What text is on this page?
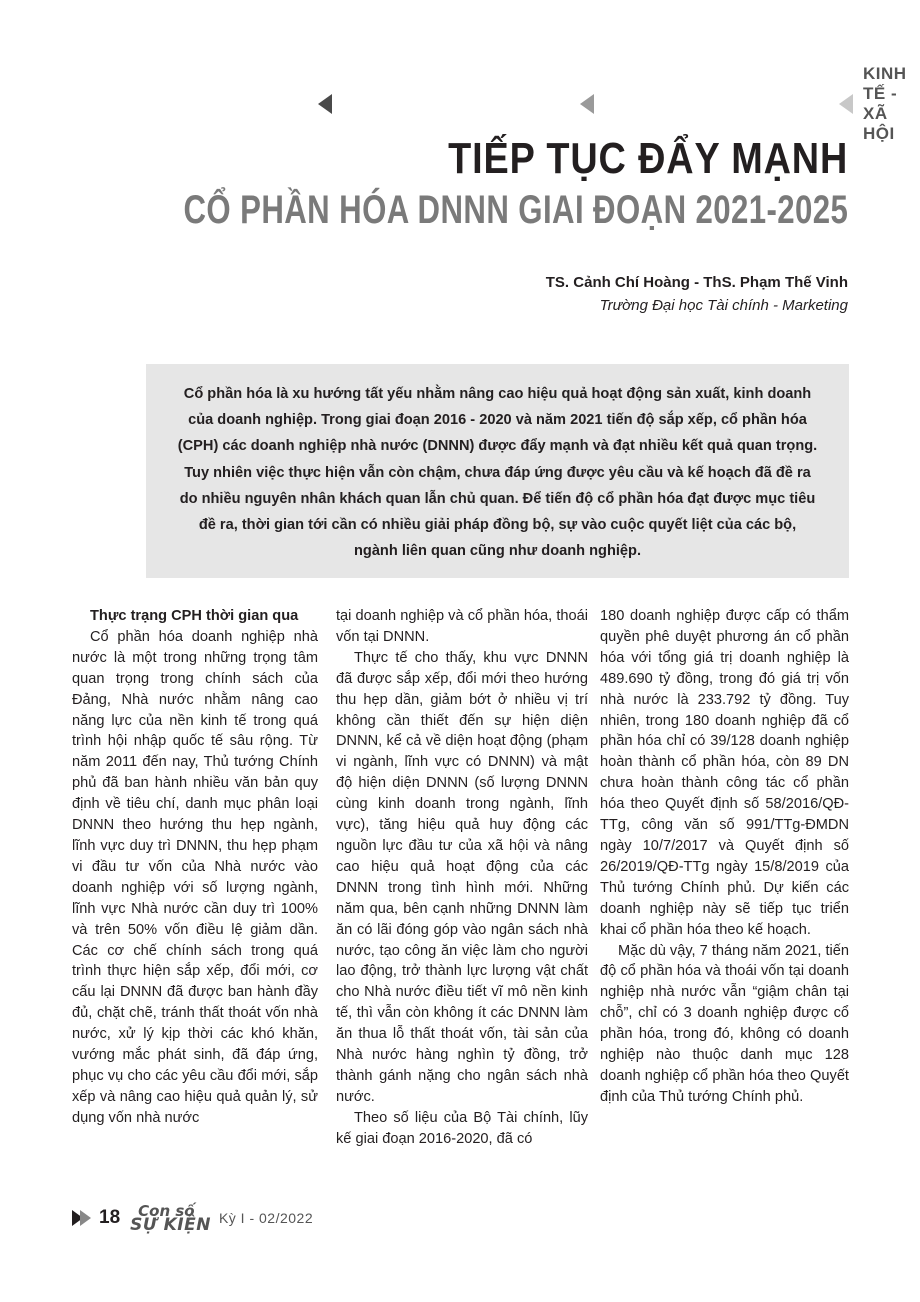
KINH TẾ - XÃ HỘI
TIẾP TỤC ĐẨY MẠNH
CỔ PHẦN HÓA DNNN GIAI ĐOẠN 2021-2025
TS. Cảnh Chí Hoàng - ThS. Phạm Thế Vinh
Trường Đại học Tài chính - Marketing

Cổ phần hóa là xu hướng tất yếu nhằm nâng cao hiệu quả hoạt động sản xuất, kinh doanh của doanh nghiệp. Trong giai đoạn 2016 - 2020 và năm 2021 tiến độ sắp xếp, cổ phần hóa (CPH) các doanh nghiệp nhà nước (DNNN) được đẩy mạnh và đạt nhiều kết quả quan trọng. Tuy nhiên việc thực hiện vẫn còn chậm, chưa đáp ứng được yêu cầu và kế hoạch đã đề ra do nhiều nguyên nhân khách quan lẫn chủ quan. Để tiến độ cổ phần hóa đạt được mục tiêu đề ra, thời gian tới cần có nhiều giải pháp đồng bộ, sự vào cuộc quyết liệt của các bộ, ngành liên quan cũng như doanh nghiệp.

Thực trạng CPH thời gian qua

Cổ phần hóa doanh nghiệp nhà nước là một trong những trọng tâm quan trọng trong chính sách của Đảng, Nhà nước nhằm nâng cao năng lực của nền kinh tế trong quá trình hội nhập quốc tế sâu rộng. Từ năm 2011 đến nay, Thủ tướng Chính phủ đã ban hành nhiều văn bản quy định về tiêu chí, danh mục phân loại DNNN theo hướng thu hẹp ngành, lĩnh vực duy trì DNNN, thu hẹp phạm vi đầu tư vốn của Nhà nước vào doanh nghiệp với số lượng ngành, lĩnh vực Nhà nước cần duy trì 100% và trên 50% vốn điều lệ giảm dần. Các cơ chế chính sách trong quá trình thực hiện sắp xếp, đổi mới, cơ cấu lại DNNN đã được ban hành đầy đủ, chặt chẽ, tránh thất thoát vốn nhà nước, xử lý kịp thời các khó khăn, vướng mắc phát sinh, đã đáp ứng, phục vụ cho các yêu cầu đổi mới, sắp xếp và nâng cao hiệu quả quản lý, sử dụng vốn nhà nước

tại doanh nghiệp và cổ phần hóa, thoái vốn tại DNNN.

Thực tế cho thấy, khu vực DNNN đã được sắp xếp, đổi mới theo hướng thu hẹp dần, giảm bớt ở nhiều vị trí không cần thiết đến sự hiện diện DNNN, kể cả về diện hoạt động (phạm vi ngành, lĩnh vực có DNNN) và mật độ hiện diện DNNN (số lượng DNNN cùng kinh doanh trong ngành, lĩnh vực), tăng hiệu quả huy động các nguồn lực đầu tư của xã hội và nâng cao hiệu quả hoạt động của các DNNN trong tình hình mới. Những năm qua, bên cạnh những DNNN làm ăn có lãi đóng góp vào ngân sách nhà nước, tạo công ăn việc làm cho người lao động, trở thành lực lượng vật chất cho Nhà nước điều tiết vĩ mô nền kinh tế, thì vẫn còn không ít các DNNN làm ăn thua lỗ thất thoát vốn, tài sản của Nhà nước hàng nghìn tỷ đồng, trở thành gánh nặng cho ngân sách nhà nước.

Theo số liệu của Bộ Tài chính, lũy kế giai đoạn 2016-2020, đã có

180 doanh nghiệp được cấp có thẩm quyền phê duyệt phương án cổ phần hóa với tổng giá trị doanh nghiệp là 489.690 tỷ đồng, trong đó giá trị vốn nhà nước là 233.792 tỷ đồng. Tuy nhiên, trong 180 doanh nghiệp đã cổ phần hóa chỉ có 39/128 doanh nghiệp hoàn thành cổ phần hóa, còn 89 DN chưa hoàn thành công tác cổ phần hóa theo Quyết định số 58/2016/QĐ-TTg, công văn số 991/TTg-ĐMDN ngày 10/7/2017 và Quyết định số 26/2019/QĐ-TTg ngày 15/8/2019 của Thủ tướng Chính phủ. Dự kiến các doanh nghiệp này sẽ tiếp tục triển khai cổ phần hóa theo kế hoạch.

Mặc dù vậy, 7 tháng năm 2021, tiến độ cổ phần hóa và thoái vốn tại doanh nghiệp nhà nước vẫn “giậm chân tại chỗ”, chỉ có 3 doanh nghiệp được cổ phần hóa, trong đó, không có doanh nghiệp nào thuộc danh mục 128 doanh nghiệp cổ phần hóa theo Quyết định của Thủ tướng Chính phủ.

18	Con số
SỰ KIỆN Kỳ I - 02/2022
